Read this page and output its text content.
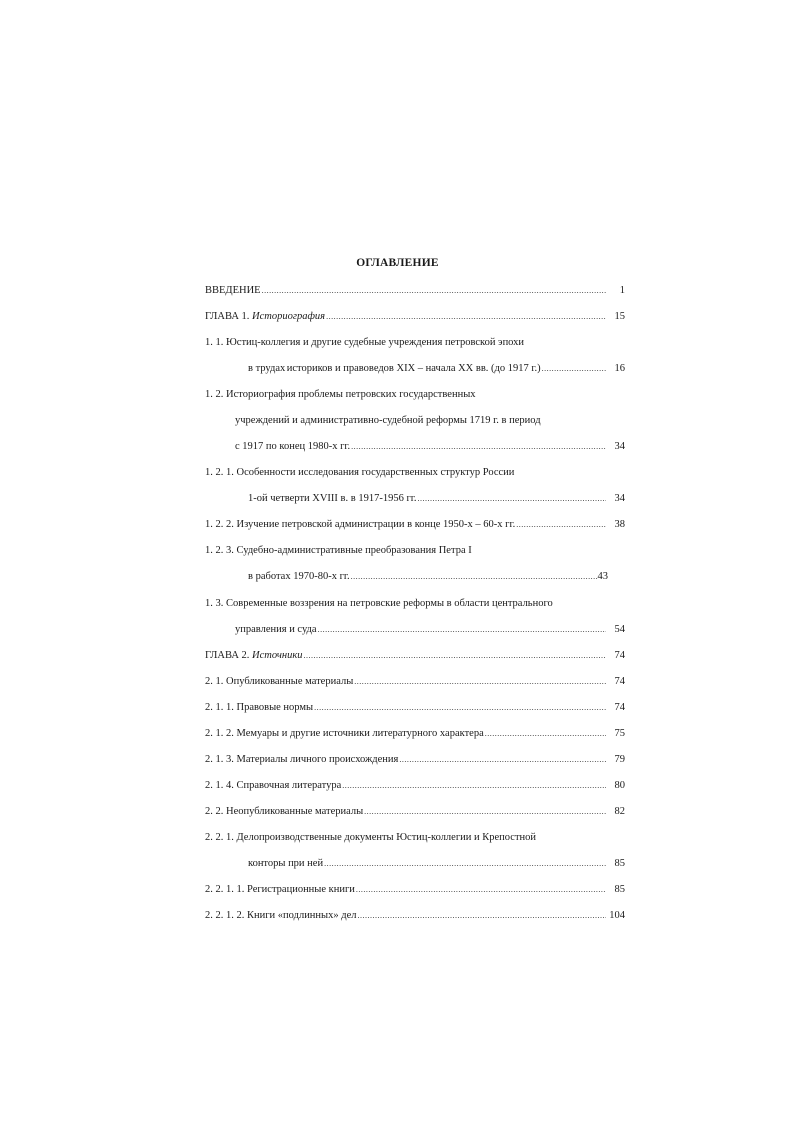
ОГЛАВЛЕНИЕ
ВВЕДЕНИЕ .....	1
ГЛАВА 1.
Историография .....	15
1. 1.
Юстиц-коллегия и другие судебные учреждения петровской эпохи
в трудах историков и правоведов XIX – начала XX вв. (до 1917 г.) .....	16
1. 2.
Историография проблемы петровских государственных
учреждений и административно-судебной реформы 1719 г. в период
с 1917 по конец 1980-х гг. .....	34
1. 2. 1.
Особенности исследования государственных структур России
1-ой четверти XVIII в. в 1917-1956 гг. .....	34
1. 2. 2.
Изучение петровской администрации в конце 1950-х – 60-х гг. .....	38
1. 2. 3.
Судебно-административные преобразования Петра I
в работах 1970-80-х гг. .....	43
1. 3.
Современные воззрения на петровские реформы в области центрального
управления и суда .....	54
ГЛАВА 2.
Источники .....	74
2. 1.
Опубликованные материалы .....	74
2. 1. 1.
Правовые нормы .....	74
2. 1. 2.
Мемуары и другие источники литературного характера .....	75
2. 1. 3.
Материалы личного происхождения .....	79
2. 1. 4.
Справочная литература .....	80
2. 2.
Неопубликованные материалы .....	82
2. 2. 1.
Делопроизводственные документы Юстиц-коллегии и Крепостной
конторы при ней .....	85
2. 2. 1. 1.
Регистрационные книги .....	85
2. 2. 1. 2.
Книги «подлинных» дел .....	104
